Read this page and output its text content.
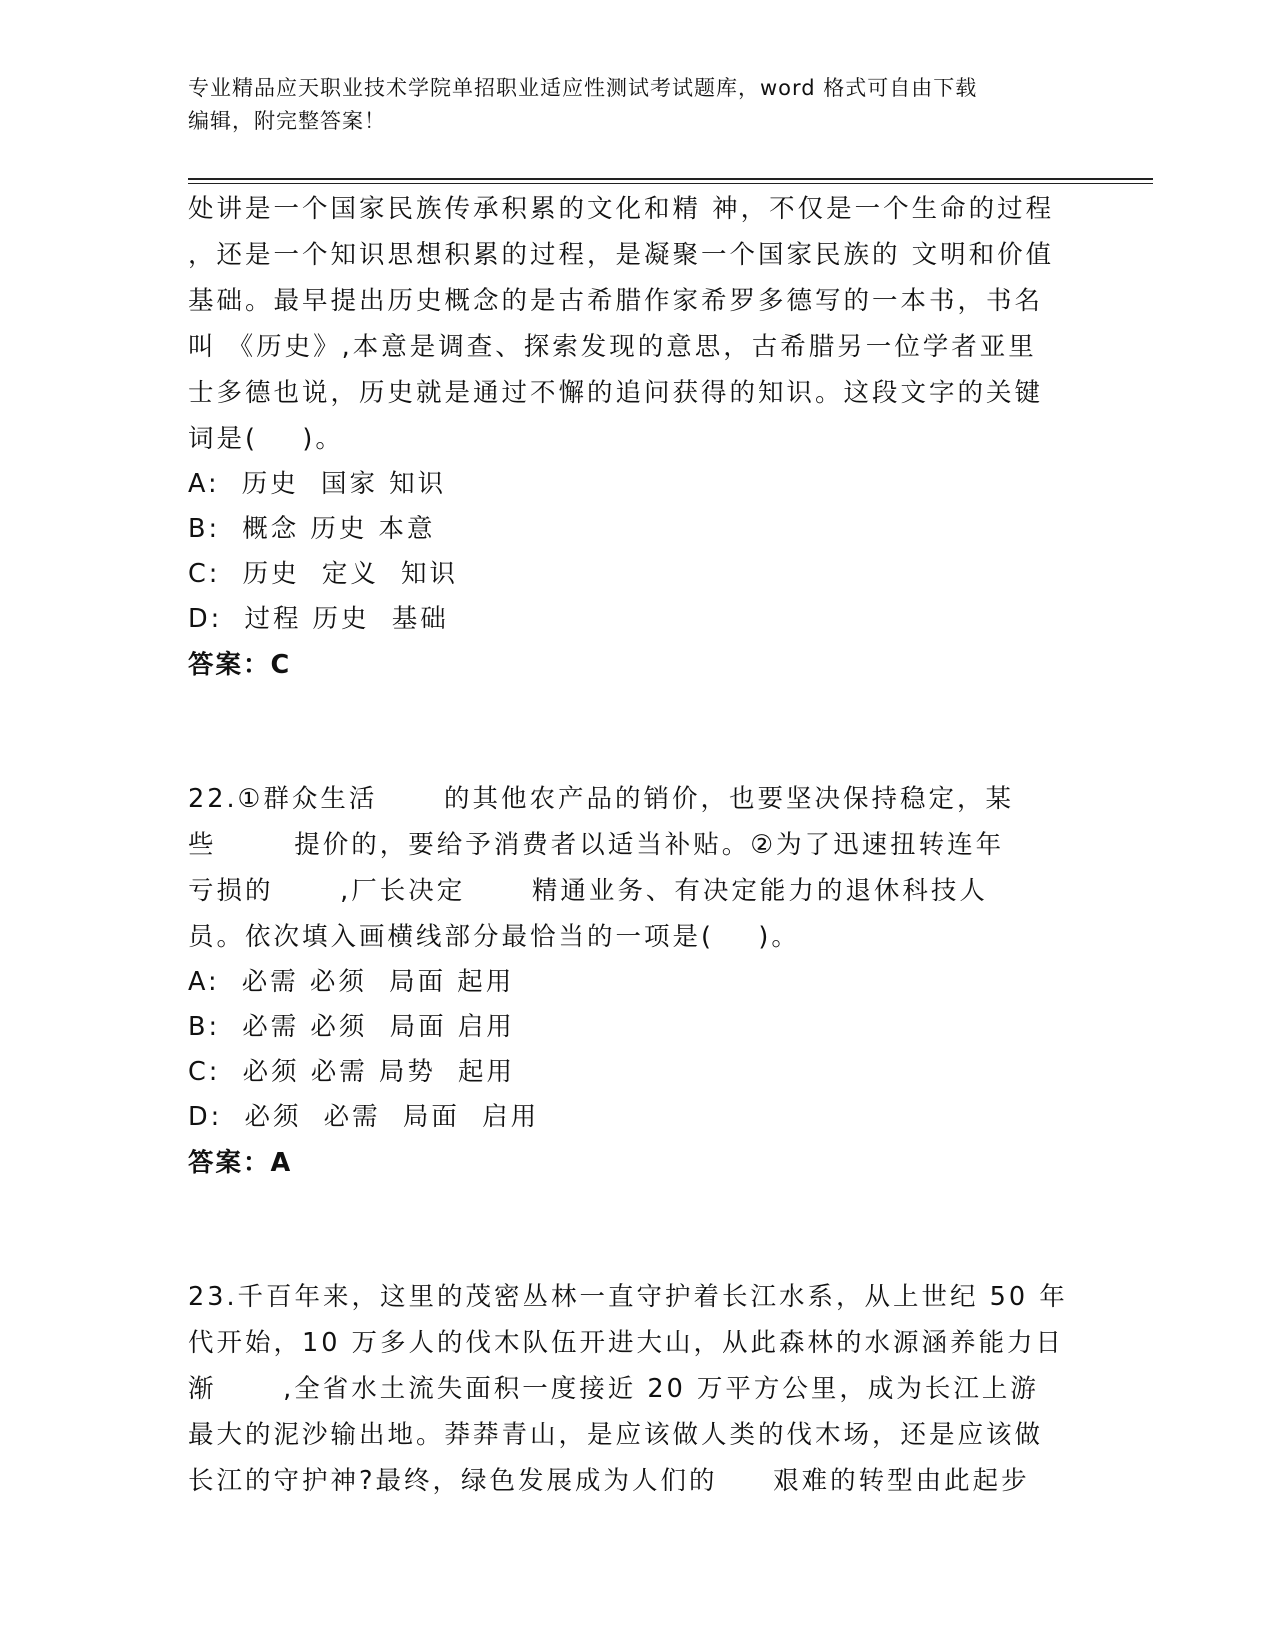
专业精品应天职业技术学院单招职业适应性测试考试题库，word 格式可自由下载
编辑，附完整答案！
处讲是一个国家民族传承积累的文化和精 神，不仅是一个生命的过程
，还是一个知识思想积累的过程，是凝聚一个国家民族的 文明和价值
基础。最早提出历史概念的是古希腊作家希罗多德写的一本书，书名
叫 《历史》,本意是调查、探索发现的意思，古希腊另一位学者亚里
士多德也说，历史就是通过不懈的追问获得的知识。这段文字的关键
词是(    )。
A:  历史  国家 知识
B:  概念 历史 本意
C:  历史  定义  知识
D:  过程 历史  基础
答案：C
22.①群众生活      的其他农产品的销价，也要坚决保持稳定，某
些       提价的，要给予消费者以适当补贴。②为了迅速扭转连年
亏损的      ,厂长决定      精通业务、有决定能力的退休科技人
员。依次填入画横线部分最恰当的一项是(    )。
A:  必需 必须  局面 起用
B:  必需 必须  局面 启用
C:  必须 必需 局势  起用
D:  必须  必需  局面  启用
答案：A
23.千百年来，这里的茂密丛林一直守护着长江水系，从上世纪 50 年
代开始，10 万多人的伐木队伍开进大山，从此森林的水源涵养能力日
渐      ,全省水土流失面积一度接近 20 万平方公里，成为长江上游
最大的泥沙输出地。莽莽青山，是应该做人类的伐木场，还是应该做
长江的守护神?最终，绿色发展成为人们的     艰难的转型由此起步
